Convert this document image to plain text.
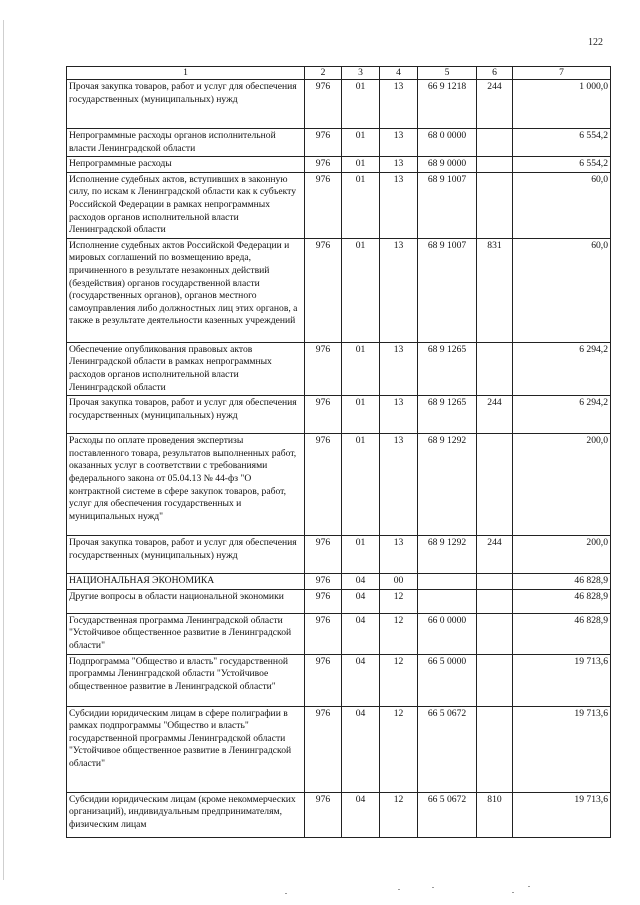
122
1	2	3	4	5	6	7
Прочая закупка товаров, работ и услуг для обеспечения государственных (муниципальных) нужд	976	01	13	66 9 1218	244	1 000,0
Непрограммные расходы органов исполнительной власти Ленинградской области	976	01	13	68 0 0000		6 554,2
Непрограммные расходы	976	01	13	68 9 0000		6 554,2
Исполнение судебных актов, вступивших в законную силу, по искам к Ленинградской области как к субъекту Российской Федерации в рамках непрограммных расходов органов исполнительной власти Ленинградской области	976	01	13	68 9 1007		60,0
Исполнение судебных актов Российской Федерации и мировых соглашений по возмещению вреда, причиненного в результате незаконных действий (бездействия) органов государственной власти (государственных органов), органов местного самоуправления либо должностных лиц этих органов, а также в результате деятельности казенных учреждений	976	01	13	68 9 1007	831	60,0
Обеспечение опубликования правовых актов Ленинградской области в рамках непрограммных расходов органов исполнительной власти Ленинградской области	976	01	13	68 9 1265		6 294,2
Прочая закупка товаров, работ и услуг для обеспечения государственных (муниципальных) нужд	976	01	13	68 9 1265	244	6 294,2
Расходы по оплате проведения экспертизы поставленного товара, результатов выполненных работ, оказанных услуг в соответствии с требованиями федерального закона от 05.04.13 № 44-фз "О контрактной системе в сфере закупок товаров, работ, услуг для обеспечения государственных и муниципальных нужд"	976	01	13	68 9 1292		200,0
Прочая закупка товаров, работ и услуг для обеспечения государственных (муниципальных) нужд	976	01	13	68 9 1292	244	200,0
НАЦИОНАЛЬНАЯ ЭКОНОМИКА	976	04	00			46 828,9
Другие вопросы в области национальной экономики	976	04	12			46 828,9
Государственная программа Ленинградской области "Устойчивое общественное развитие в Ленинградской области"	976	04	12	66 0 0000		46 828,9
Подпрограмма "Общество и власть" государственной программы Ленинградской области "Устойчивое общественное развитие в Ленинградской области"	976	04	12	66 5 0000		19 713,6
Субсидии юридическим лицам в сфере полиграфии в рамках подпрограммы "Общество и власть" государственной программы Ленинградской области "Устойчивое общественное развитие в Ленинградской области"	976	04	12	66 5 0672		19 713,6
Субсидии юридическим лицам (кроме некоммерческих организаций), индивидуальным предпринимателям, физическим лицам	976	04	12	66 5 0672	810	19 713,6
